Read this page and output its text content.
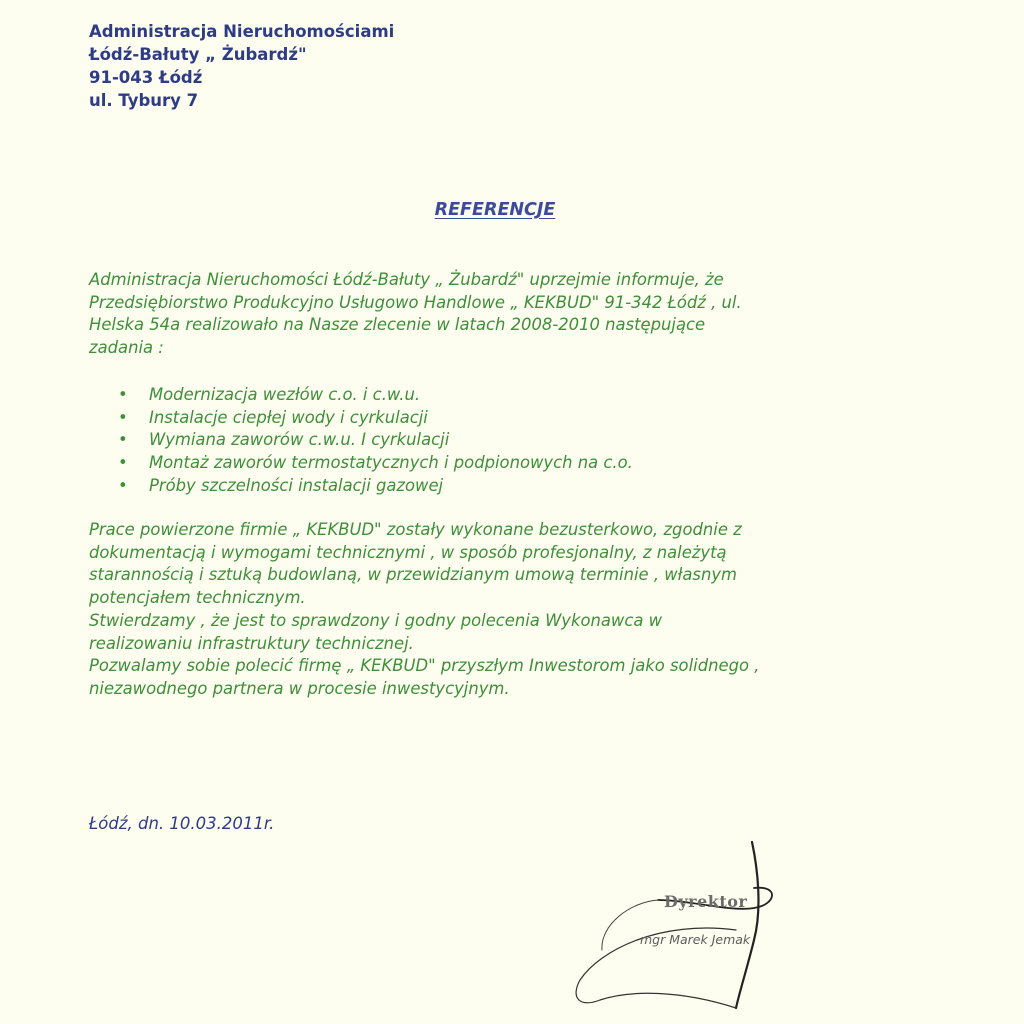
Administracja Nieruchomościami
Łódź-Bałuty „ Żubardź"
91-043 Łódź
ul. Tybury 7
REFERENCJE
Administracja Nieruchomości Łódź-Bałuty „ Żubardź" uprzejmie informuje, że
Przedsiębiorstwo Produkcyjno Usługowo Handlowe „ KEKBUD" 91-342 Łódź , ul.
Helska 54a realizowało na Nasze zlecenie w latach 2008-2010 następujące
zadania :
• Modernizacja wezłów c.o. i c.w.u.
• Instalacje ciepłej wody i cyrkulacji
• Wymiana zaworów c.w.u. I cyrkulacji
• Montaż zaworów termostatycznych i podpionowych na c.o.
• Próby szczelności instalacji gazowej
Prace powierzone firmie „ KEKBUD" zostały wykonane bezusterkowo, zgodnie z
dokumentacją i wymogami technicznymi , w sposób profesjonalny, z należytą
starannością i sztuką budowlaną, w przewidzianym umową terminie , własnym
potencjałem technicznym.
Stwierdzamy , że jest to sprawdzony i godny polecenia Wykonawca w
realizowaniu infrastruktury technicznej.
Pozwalamy sobie polecić firmę „ KEKBUD" przyszłym Inwestorom jako solidnego ,
niezawodnego partnera w procesie inwestycyjnym.
Łódź, dn. 10.03.2011r.
Dyrektor
mgr Marek Jemak
